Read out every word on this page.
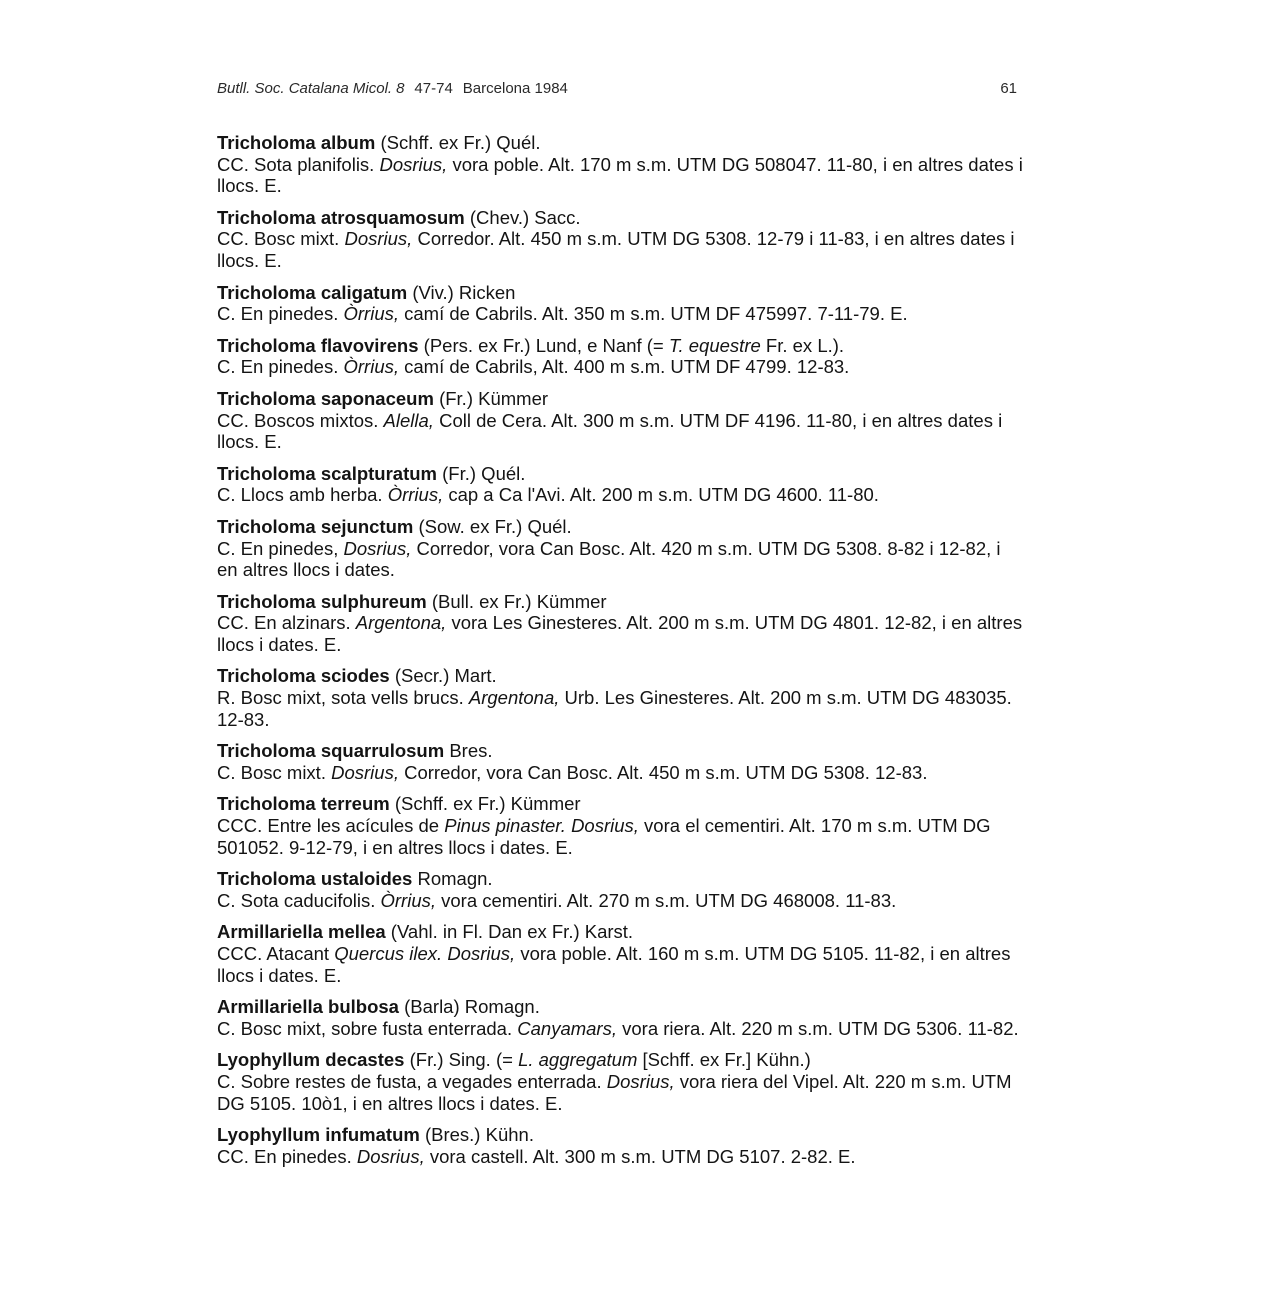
Butll. Soc. Catalana Micol. 8 47-74 Barcelona 1984	61
Tricholoma album (Schff. ex Fr.) Quél.
CC. Sota planifolis. Dosrius, vora poble. Alt. 170 m s.m. UTM DG 508047. 11-80, i en altres dates i llocs. E.
Tricholoma atrosquamosum (Chev.) Sacc.
CC. Bosc mixt. Dosrius, Corredor. Alt. 450 m s.m. UTM DG 5308. 12-79 i 11-83, i en altres dates i llocs. E.
Tricholoma caligatum (Viv.) Ricken
C. En pinedes. Òrrius, camí de Cabrils. Alt. 350 m s.m. UTM DF 475997. 7-11-79. E.
Tricholoma flavovirens (Pers. ex Fr.) Lund, e Nanf (= T. equestre Fr. ex L.).
C. En pinedes. Òrrius, camí de Cabrils, Alt. 400 m s.m. UTM DF 4799. 12-83.
Tricholoma saponaceum (Fr.) Kümmer
CC. Boscos mixtos. Alella, Coll de Cera. Alt. 300 m s.m. UTM DF 4196. 11-80, i en altres dates i llocs. E.
Tricholoma scalpturatum (Fr.) Quél.
C. Llocs amb herba. Òrrius, cap a Ca l'Avi. Alt. 200 m s.m. UTM DG 4600. 11-80.
Tricholoma sejunctum (Sow. ex Fr.) Quél.
C. En pinedes, Dosrius, Corredor, vora Can Bosc. Alt. 420 m s.m. UTM DG 5308. 8-82 i 12-82, i en altres llocs i dates.
Tricholoma sulphureum (Bull. ex Fr.) Kümmer
CC. En alzinars. Argentona, vora Les Ginesteres. Alt. 200 m s.m. UTM DG 4801. 12-82, i en altres llocs i dates. E.
Tricholoma sciodes (Secr.) Mart.
R. Bosc mixt, sota vells brucs. Argentona, Urb. Les Ginesteres. Alt. 200 m s.m. UTM DG 483035. 12-83.
Tricholoma squarrulosum Bres.
C. Bosc mixt. Dosrius, Corredor, vora Can Bosc. Alt. 450 m s.m. UTM DG 5308. 12-83.
Tricholoma terreum (Schff. ex Fr.) Kümmer
CCC. Entre les acícules de Pinus pinaster. Dosrius, vora el cementiri. Alt. 170 m s.m. UTM DG 501052. 9-12-79, i en altres llocs i dates. E.
Tricholoma ustaloides Romagn.
C. Sota caducifolis. Òrrius, vora cementiri. Alt. 270 m s.m. UTM DG 468008. 11-83.
Armillariella mellea (Vahl. in Fl. Dan ex Fr.) Karst.
CCC. Atacant Quercus ilex. Dosrius, vora poble. Alt. 160 m s.m. UTM DG 5105. 11-82, i en altres llocs i dates. E.
Armillariella bulbosa (Barla) Romagn.
C. Bosc mixt, sobre fusta enterrada. Canyamars, vora riera. Alt. 220 m s.m. UTM DG 5306. 11-82.
Lyophyllum decastes (Fr.) Sing. (= L. aggregatum [Schff. ex Fr.] Kühn.)
C. Sobre restes de fusta, a vegades enterrada. Dosrius, vora riera del Vipel. Alt. 220 m s.m. UTM DG 5105. 10ò1, i en altres llocs i dates. E.
Lyophyllum infumatum (Bres.) Kühn.
CC. En pinedes. Dosrius, vora castell. Alt. 300 m s.m. UTM DG 5107. 2-82. E.
